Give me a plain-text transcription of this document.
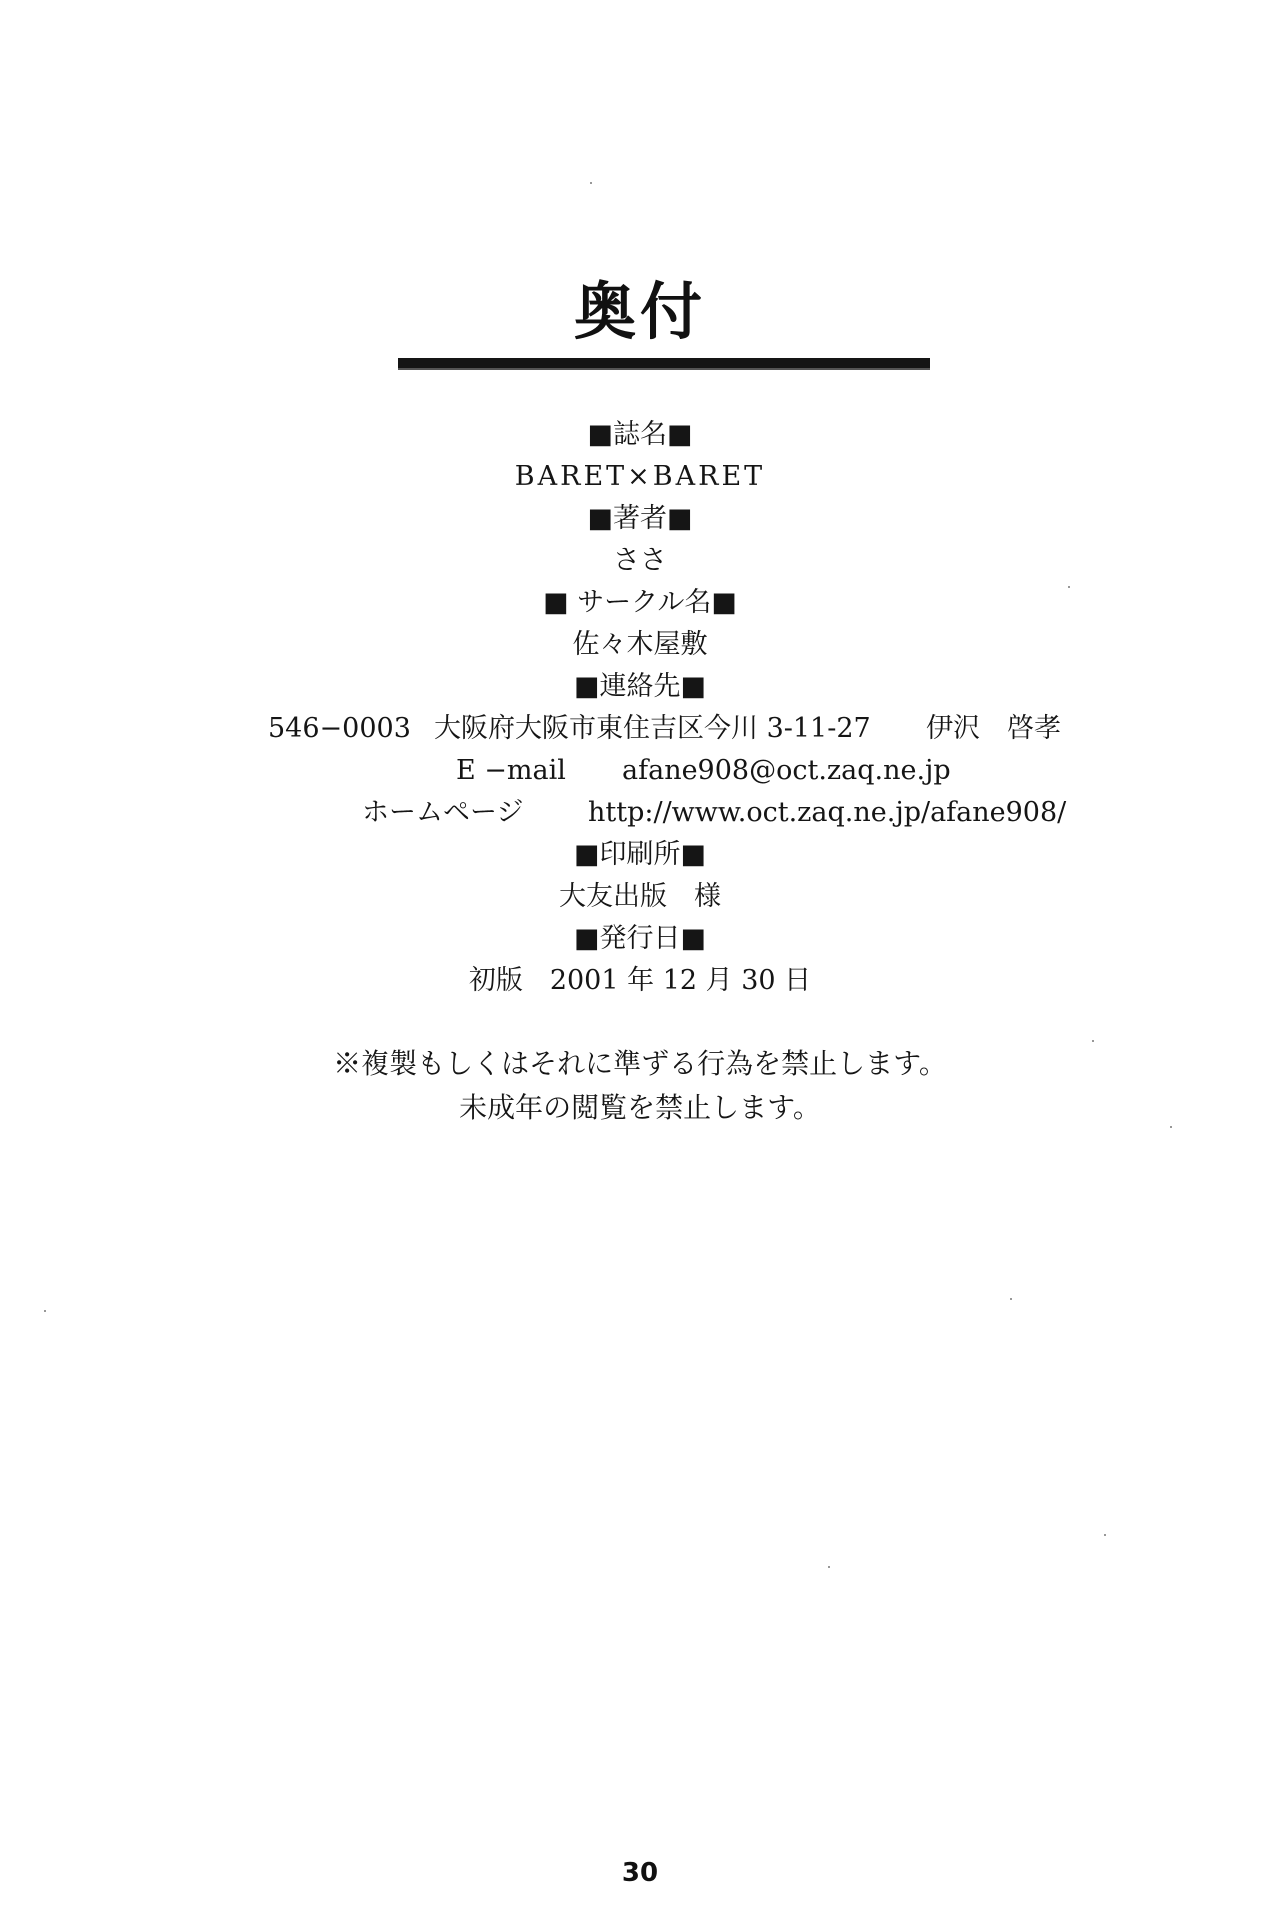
奥付
■誌名■
BARET×BARET
■著者■
ささ
■ サークル名■
佐々木屋敷
■連絡先■
546−0003 大阪府大阪市東住吉区今川 3-11-27 伊沢　啓孝
E −mail afane908@oct.zaq.ne.jp
ホームページ http://www.oct.zaq.ne.jp/afane908/
■印刷所■
大友出版　様
■発行日■
初版　2001 年 12 月 30 日
※複製もしくはそれに準ずる行為を禁止します。
未成年の閲覧を禁止します。
30
